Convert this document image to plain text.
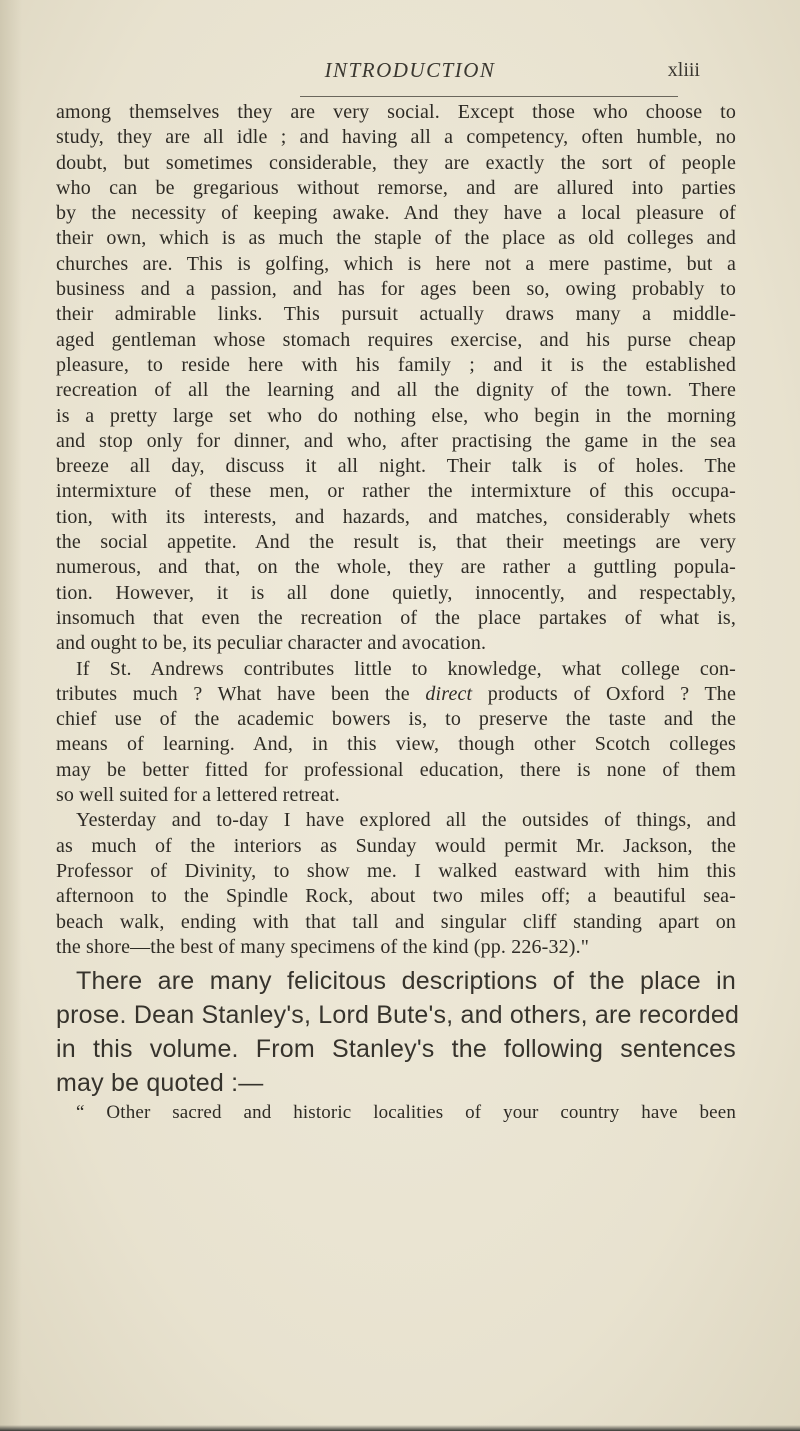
INTRODUCTION	xliii
among themselves they are very social. Except those who choose to
study, they are all idle ; and having all a competency, often humble, no
doubt, but sometimes considerable, they are exactly the sort of people
who can be gregarious without remorse, and are allured into parties
by the necessity of keeping awake. And they have a local pleasure of
their own, which is as much the staple of the place as old colleges and
churches are. This is golfing, which is here not a mere pastime, but a
business and a passion, and has for ages been so, owing probably to
their admirable links. This pursuit actually draws many a middle-
aged gentleman whose stomach requires exercise, and his purse cheap
pleasure, to reside here with his family ; and it is the established
recreation of all the learning and all the dignity of the town. There
is a pretty large set who do nothing else, who begin in the morning
and stop only for dinner, and who, after practising the game in the sea
breeze all day, discuss it all night. Their talk is of holes. The
intermixture of these men, or rather the intermixture of this occupa-
tion, with its interests, and hazards, and matches, considerably whets
the social appetite. And the result is, that their meetings are very
numerous, and that, on the whole, they are rather a guttling popula-
tion. However, it is all done quietly, innocently, and respectably,
insomuch that even the recreation of the place partakes of what is,
and ought to be, its peculiar character and avocation.
If St. Andrews contributes little to knowledge, what college con-
tributes much ? What have been the direct products of Oxford ? The
chief use of the academic bowers is, to preserve the taste and the
means of learning. And, in this view, though other Scotch colleges
may be better fitted for professional education, there is none of them
so well suited for a lettered retreat.
Yesterday and to-day I have explored all the outsides of things, and
as much of the interiors as Sunday would permit Mr. Jackson, the
Professor of Divinity, to show me. I walked eastward with him this
afternoon to the Spindle Rock, about two miles off; a beautiful sea-
beach walk, ending with that tall and singular cliff standing apart on
the shore—the best of many specimens of the kind (pp. 226-32)."
There are many felicitous descriptions of the place in
prose. Dean Stanley's, Lord Bute's, and others, are recorded
in this volume. From Stanley's the following sentences
may be quoted :—
“ Other sacred and historic localities of your country have been
